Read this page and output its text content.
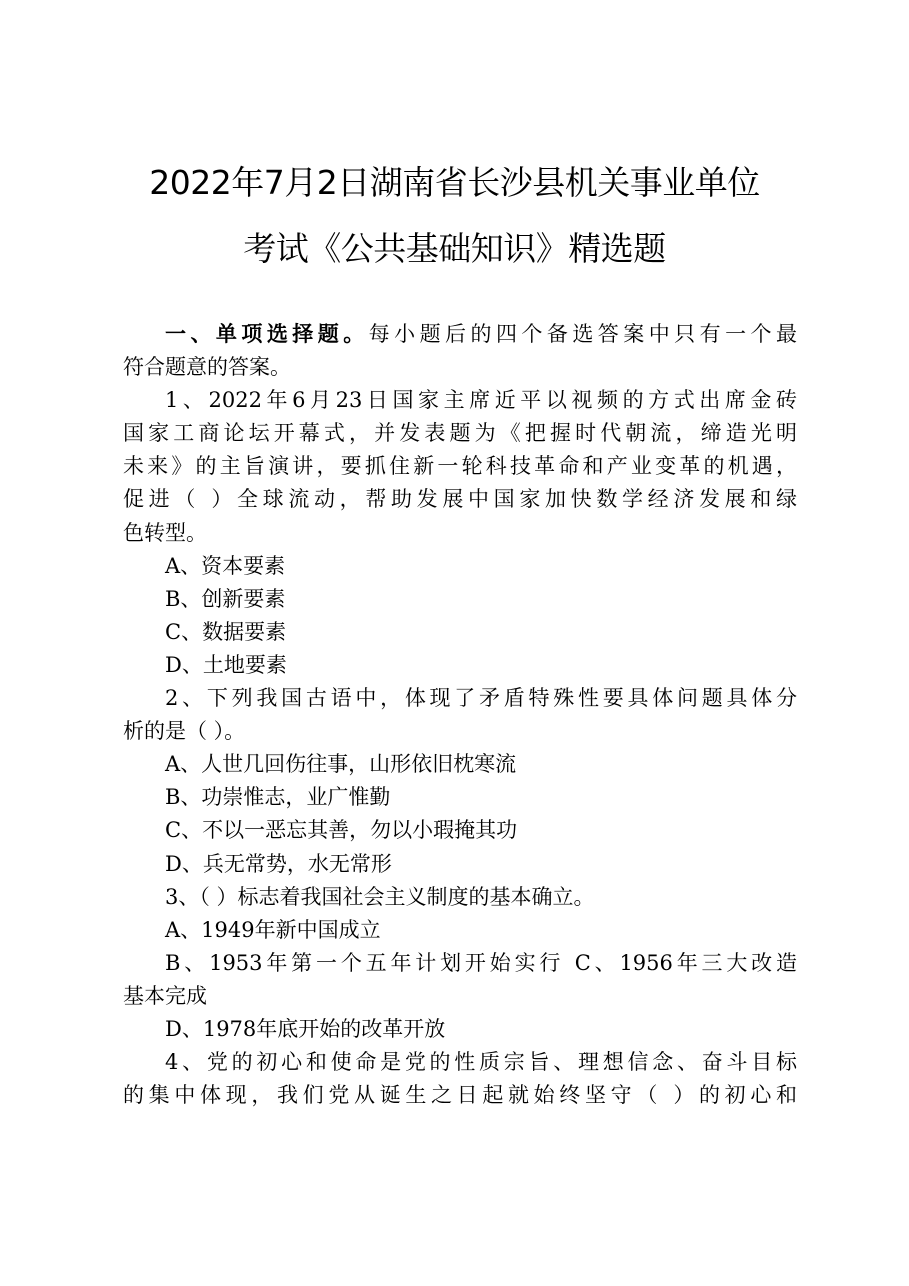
2022年7月2日湖南省长沙县机关事业单位
考试《公共基础知识》精选题

一、单项选择题。每小题后的四个备选答案中只有一个最

符合题意的答案。

1、2022年6月23日国家主席近平以视频的方式出席金砖

国家工商论坛开幕式，并发表题为《把握时代朝流，缔造光明

未来》的主旨演讲，要抓住新一轮科技革命和产业变革的机遇，

促进（ ）全球流动，帮助发展中国家加快数学经济发展和绿

色转型。

A、资本要素

B、创新要素

C、数据要素

D、土地要素

2、下列我国古语中，体现了矛盾特殊性要具体问题具体分

析的是（ ）。

A、人世几回伤往事，山形依旧枕寒流

B、功崇惟志，业广惟勤

C、不以一恶忘其善，勿以小瑕掩其功

D、兵无常势，水无常形

3、（ ）标志着我国社会主义制度的基本确立。

A、1949年新中国成立

B、1953年第一个五年计划开始实行 C、1956年三大改造

基本完成

D、1978年底开始的改革开放

4、党的初心和使命是党的性质宗旨、理想信念、奋斗目标

的集中体现，我们党从诞生之日起就始终坚守（ ）的初心和
